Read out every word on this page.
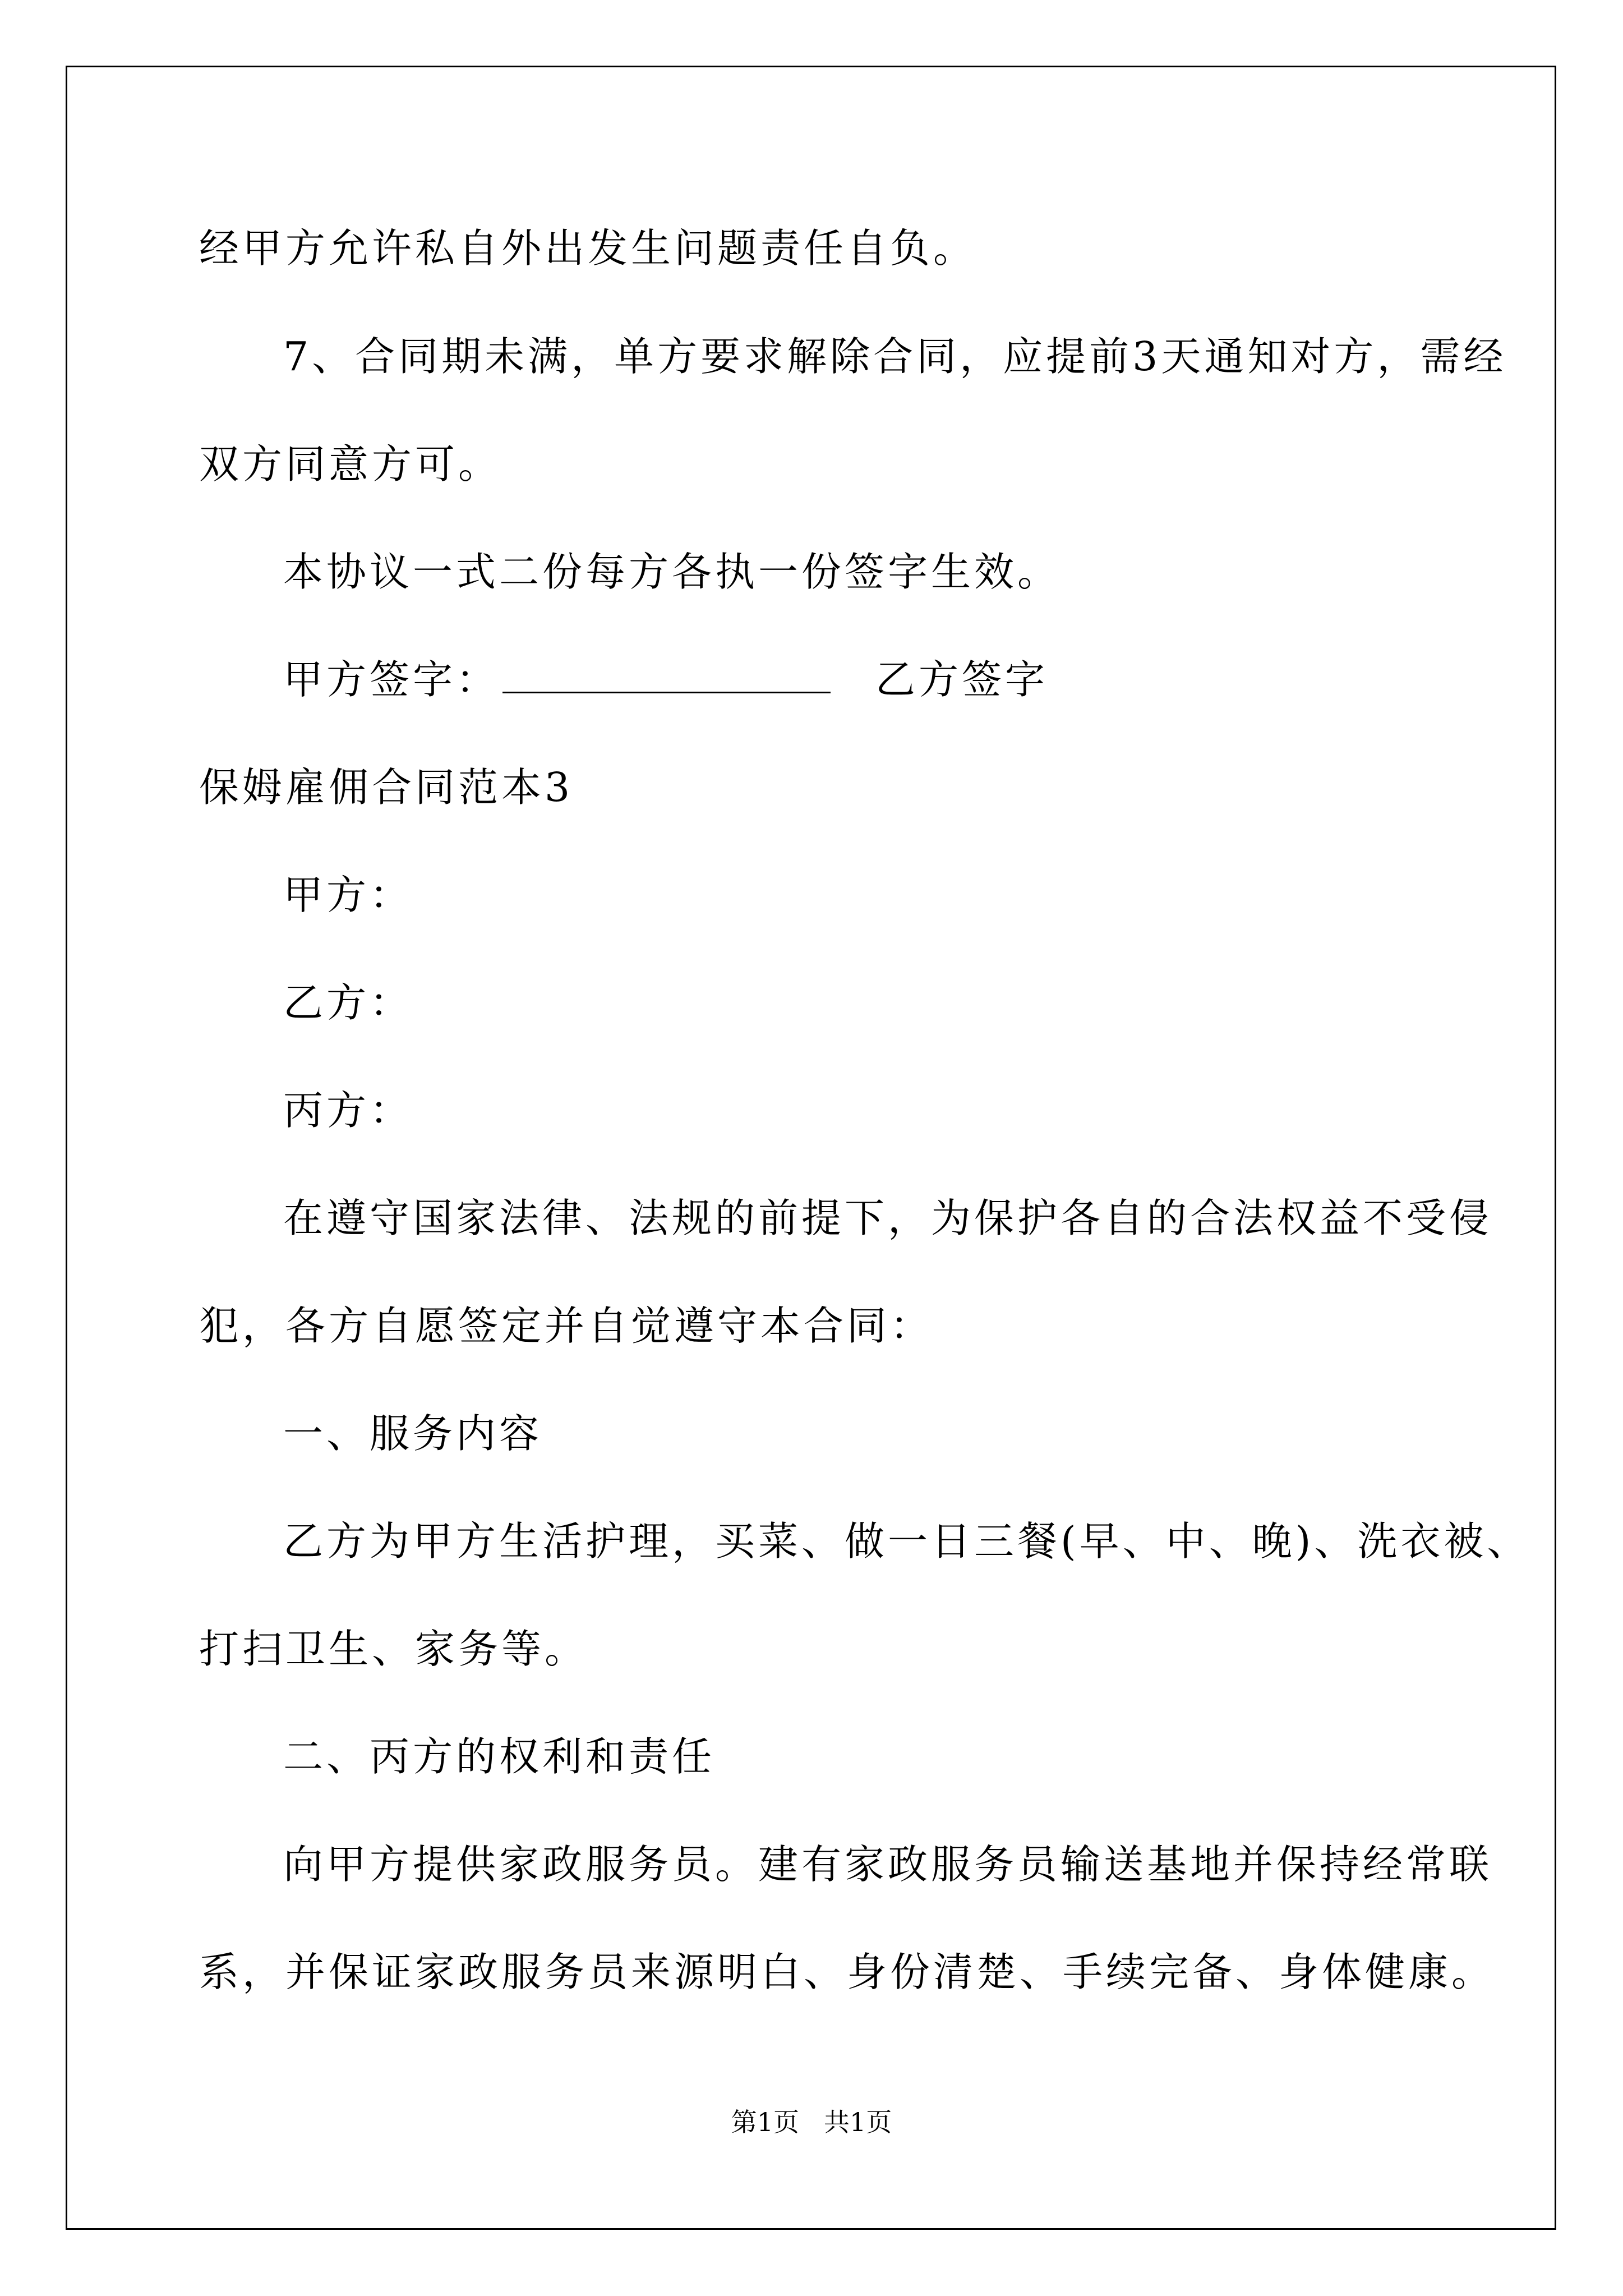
经甲方允许私自外出发生问题责任自负。
7、合同期未满，单方要求解除合同，应提前3天通知对方，需经
双方同意方可。
本协议一式二份每方各执一份签字生效。
甲方签字：	乙方签字
保姆雇佣合同范本3
甲方：
乙方：
丙方：
在遵守国家法律、法规的前提下，为保护各自的合法权益不受侵
犯，各方自愿签定并自觉遵守本合同：
一、服务内容
乙方为甲方生活护理，买菜、做一日三餐(早、中、晚)、洗衣被、
打扫卫生、家务等。
二、丙方的权利和责任
向甲方提供家政服务员。建有家政服务员输送基地并保持经常联
系，并保证家政服务员来源明白、身份清楚、手续完备、身体健康。
第1页 共1页
